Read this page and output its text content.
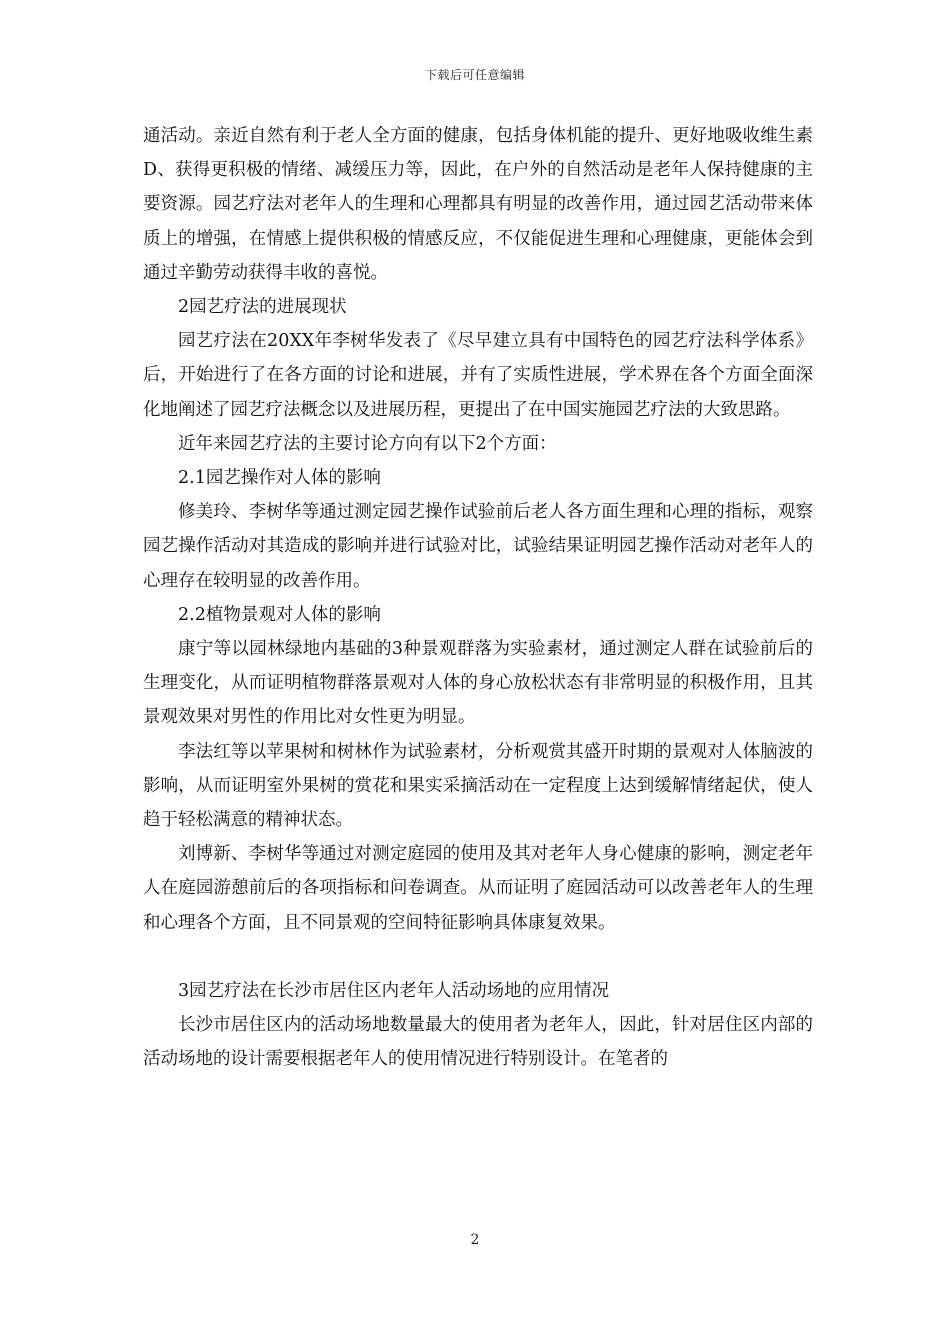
下载后可任意编辑

通活动。亲近自然有利于老人全方面的健康，包括身体机能的提升、更好地吸收维生素D、获得更积极的情绪、减缓压力等，因此，在户外的自然活动是老年人保持健康的主要资源。园艺疗法对老年人的生理和心理都具有明显的改善作用，通过园艺活动带来体质上的增强，在情感上提供积极的情感反应，不仅能促进生理和心理健康，更能体会到通过辛勤劳动获得丰收的喜悦。

2园艺疗法的进展现状

园艺疗法在20XX年李树华发表了《尽早建立具有中国特色的园艺疗法科学体系》后，开始进行了在各方面的讨论和进展，并有了实质性进展，学术界在各个方面全面深化地阐述了园艺疗法概念以及进展历程，更提出了在中国实施园艺疗法的大致思路。

近年来园艺疗法的主要讨论方向有以下2个方面：

2.1园艺操作对人体的影响

修美玲、李树华等通过测定园艺操作试验前后老人各方面生理和心理的指标，观察园艺操作活动对其造成的影响并进行试验对比，试验结果证明园艺操作活动对老年人的心理存在较明显的改善作用。

2.2植物景观对人体的影响

康宁等以园林绿地内基础的3种景观群落为实验素材，通过测定人群在试验前后的生理变化，从而证明植物群落景观对人体的身心放松状态有非常明显的积极作用，且其景观效果对男性的作用比对女性更为明显。

李法红等以苹果树和树林作为试验素材，分析观赏其盛开时期的景观对人体脑波的影响，从而证明室外果树的赏花和果实采摘活动在一定程度上达到缓解情绪起伏，使人趋于轻松满意的精神状态。

刘博新、李树华等通过对测定庭园的使用及其对老年人身心健康的影响，测定老年人在庭园游憩前后的各项指标和问卷调查。从而证明了庭园活动可以改善老年人的生理和心理各个方面，且不同景观的空间特征影响具体康复效果。

3园艺疗法在长沙市居住区内老年人活动场地的应用情况

长沙市居住区内的活动场地数量最大的使用者为老年人，因此，针对居住区内部的活动场地的设计需要根据老年人的使用情况进行特别设计。在笔者的

2
